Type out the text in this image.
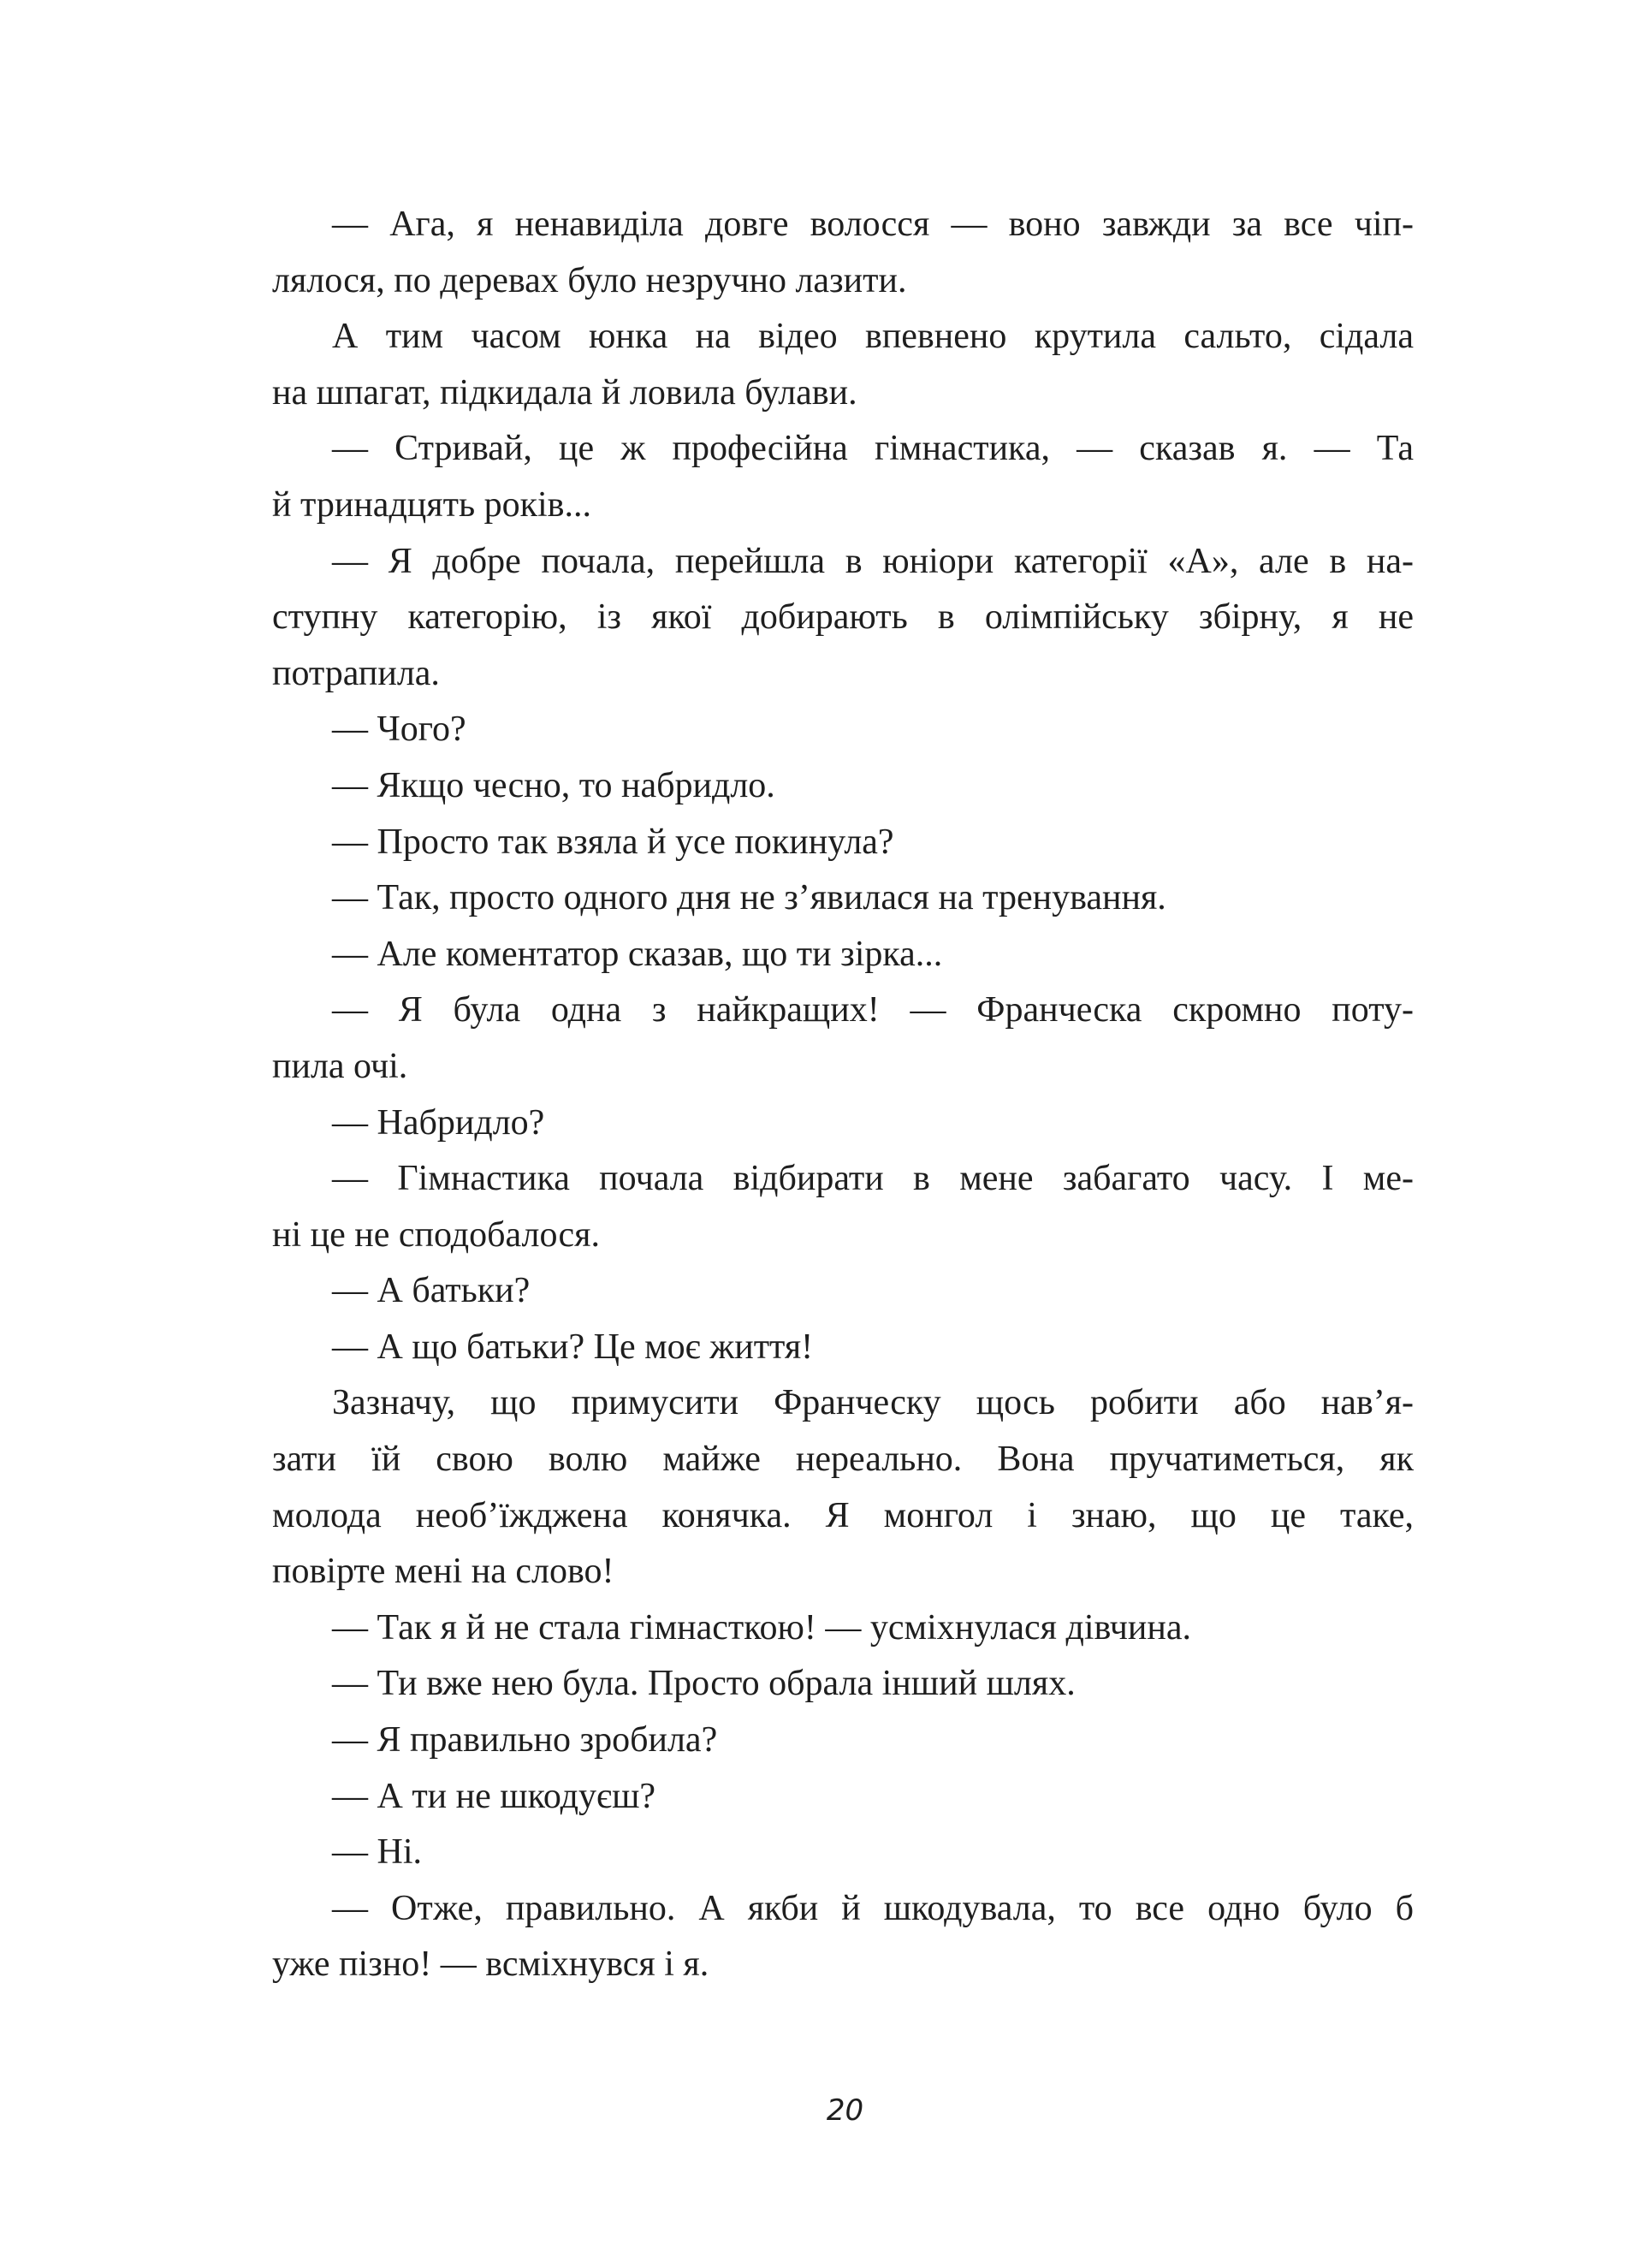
— Ага, я ненавиділа довге волосся — воно завжди за все чіп-
лялося, по деревах було незручно лазити.
А тим часом юнка на відео впевнено крутила сальто, сідала
на шпагат, підкидала й ловила булави.
— Стривай, це ж професійна гімнастика, — сказав я. — Та
й тринадцять років...
— Я добре почала, перейшла в юніори категорії «А», але в на-
ступну категорію, із якої добирають в олімпійську збірну, я не
потрапила.
— Чого?
— Якщо чесно, то набридло.
— Просто так взяла й усе покинула?
— Так, просто одного дня не з’явилася на тренування.
— Але коментатор сказав, що ти зірка...
— Я була одна з найкращих! — Франческа скромно поту-
пила очі.
— Набридло?
— Гімнастика почала відбирати в мене забагато часу. І ме-
ні це не сподобалося.
— А батьки?
— А що батьки? Це моє життя!
Зазначу, що примусити Франческу щось робити або нав’я-
зати їй свою волю майже нереально. Вона пручатиметься, як
молода необ’їжджена конячка. Я монгол і знаю, що це таке,
повірте мені на слово!
— Так я й не стала гімнасткою! — усміхнулася дівчина.
— Ти вже нею була. Просто обрала інший шлях.
— Я правильно зробила?
— А ти не шкодуєш?
— Ні.
— Отже, правильно. А якби й шкодувала, то все одно було б
уже пізно! — всміхнувся і я.
20
